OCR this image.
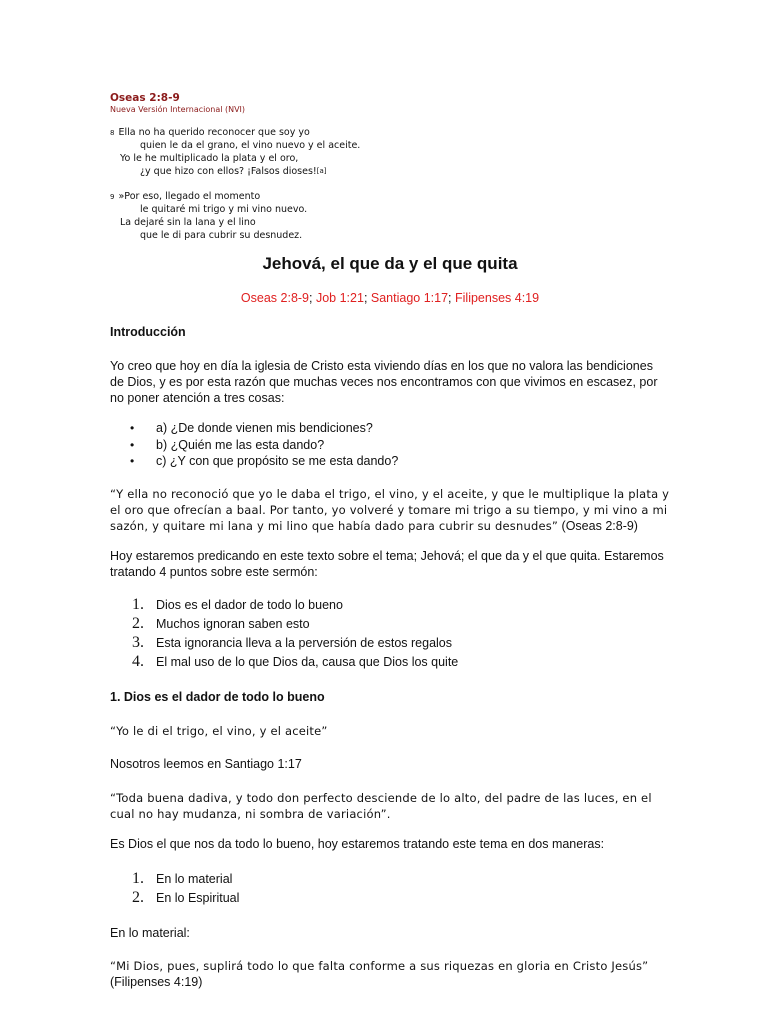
Oseas 2:8-9
Nueva Versión Internacional (NVI)
$^8$ Ella no ha querido reconocer que soy yo
quien le da el grano, el vino nuevo y el aceite.
Yo le he multiplicado la plata y el oro,
¿y que hizo con ellos? ¡Falsos dioses![a]
$^9$ »Por eso, llegado el momento
le quitaré mi trigo y mi vino nuevo.
La dejaré sin la lana y el lino
que le di para cubrir su desnudez.
Jehová, el que da y el que quita
Oseas 2:8-9; Job 1:21; Santiago 1:17; Filipenses 4:19
Introducción
Yo creo que hoy en día la iglesia de Cristo esta viviendo días en los que no valora las bendiciones de Dios, y es por esta razón que muchas veces nos encontramos con que vivimos en escasez, por no poner atención a tres cosas:
• a) ¿De donde vienen mis bendiciones?
• b) ¿Quién me las esta dando?
• c) ¿Y con que propósito se me esta dando?
“Y ella no reconoció que yo le daba el trigo, el vino, y el aceite, y que le multiplique la plata y el oro que ofrecían a baal. Por tanto, yo volveré y tomare mi trigo a su tiempo, y mi vino a mi sazón, y quitare mi lana y mi lino que había dado para cubrir su desnudes” (Oseas 2:8-9)
Hoy estaremos predicando en este texto sobre el tema; Jehová; el que da y el que quita. Estaremos tratando 4 puntos sobre este sermón:
1. Dios es el dador de todo lo bueno
2. Muchos ignoran saben esto
3. Esta ignorancia lleva a la perversión de estos regalos
4. El mal uso de lo que Dios da, causa que Dios los quite
1. Dios es el dador de todo lo bueno
“Yo le di el trigo, el vino, y el aceite”
Nosotros leemos en Santiago 1:17
“Toda buena dadiva, y todo don perfecto desciende de lo alto, del padre de las luces, en el cual no hay mudanza, ni sombra de variación”.
Es Dios el que nos da todo lo bueno, hoy estaremos tratando este tema en dos maneras:
1. En lo material
2. En lo Espiritual
En lo material:
“Mi Dios, pues, suplirá todo lo que falta conforme a sus riquezas en gloria en Cristo Jesús”
(Filipenses 4:19)
